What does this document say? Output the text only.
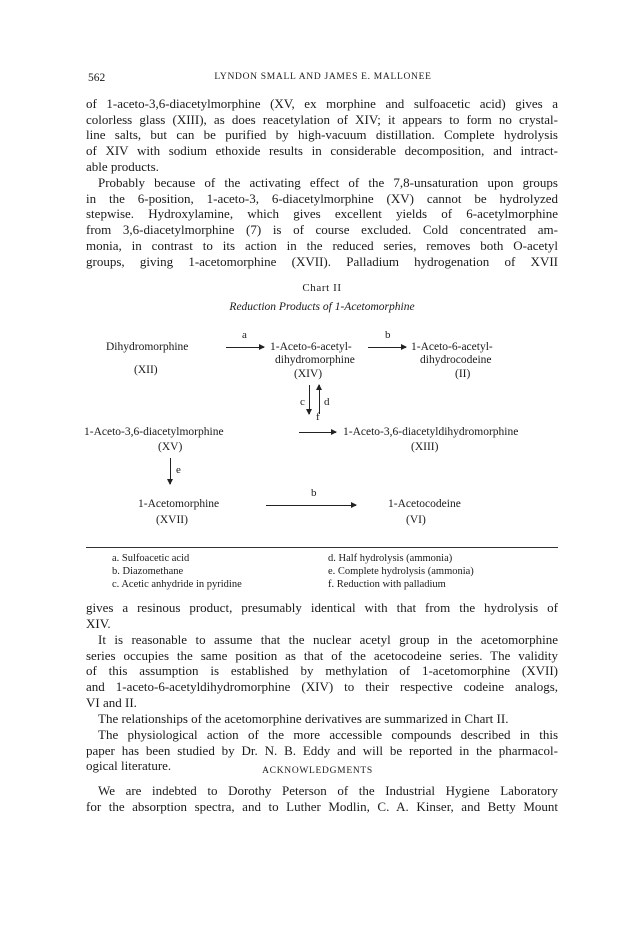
562	LYNDON SMALL AND JAMES E. MALLONEE
of 1-aceto-3,6-diacetylmorphine (XV, ex morphine and sulfoacetic acid) gives a
colorless glass (XIII), as does reacetylation of XIV; it appears to form no crystal-
line salts, but can be purified by high-vacuum distillation. Complete hydrolysis
of XIV with sodium ethoxide results in considerable decomposition, and intract-
able products.
Probably because of the activating effect of the 7,8-unsaturation upon groups
in the 6-position, 1-aceto-3, 6-diacetylmorphine (XV) cannot be hydrolyzed
stepwise. Hydroxylamine, which gives excellent yields of 6-acetylmorphine
from 3,6-diacetylmorphine (7) is of course excluded. Cold concentrated am-
monia, in contrast to its action in the reduced series, removes both O-acetyl
groups, giving 1-acetomorphine (XVII). Palladium hydrogenation of XVII
Chart II
Reduction Products of 1-Acetomorphine
Dihydromorphine
(XII)
a
1-Aceto-6-acetyl-
dihydromorphine
(XIV)
b
1-Aceto-6-acetyl-
dihydrocodeine
(II)
c d
1-Aceto-3,6-diacetylmorphine
(XV)
f
1-Aceto-3,6-diacetyldihydromorphine
(XIII)
e
1-Acetomorphine
(XVII)
b
1-Acetocodeine
(VI)
a. Sulfoacetic acid
b. Diazomethane
c. Acetic anhydride in pyridine
d. Half hydrolysis (ammonia)
e. Complete hydrolysis (ammonia)
f. Reduction with palladium
gives a resinous product, presumably identical with that from the hydrolysis of
XIV.
It is reasonable to assume that the nuclear acetyl group in the acetomorphine
series occupies the same position as that of the acetocodeine series. The validity
of this assumption is established by methylation of 1-acetomorphine (XVII)
and 1-aceto-6-acetyldihydromorphine (XIV) to their respective codeine analogs,
VI and II.
The relationships of the acetomorphine derivatives are summarized in Chart II.
The physiological action of the more accessible compounds described in this
paper has been studied by Dr. N. B. Eddy and will be reported in the pharmacol-
ogical literature.	ACKNOWLEDGMENTS
We are indebted to Dorothy Peterson of the Industrial Hygiene Laboratory
for the absorption spectra, and to Luther Modlin, C. A. Kinser, and Betty Mount
